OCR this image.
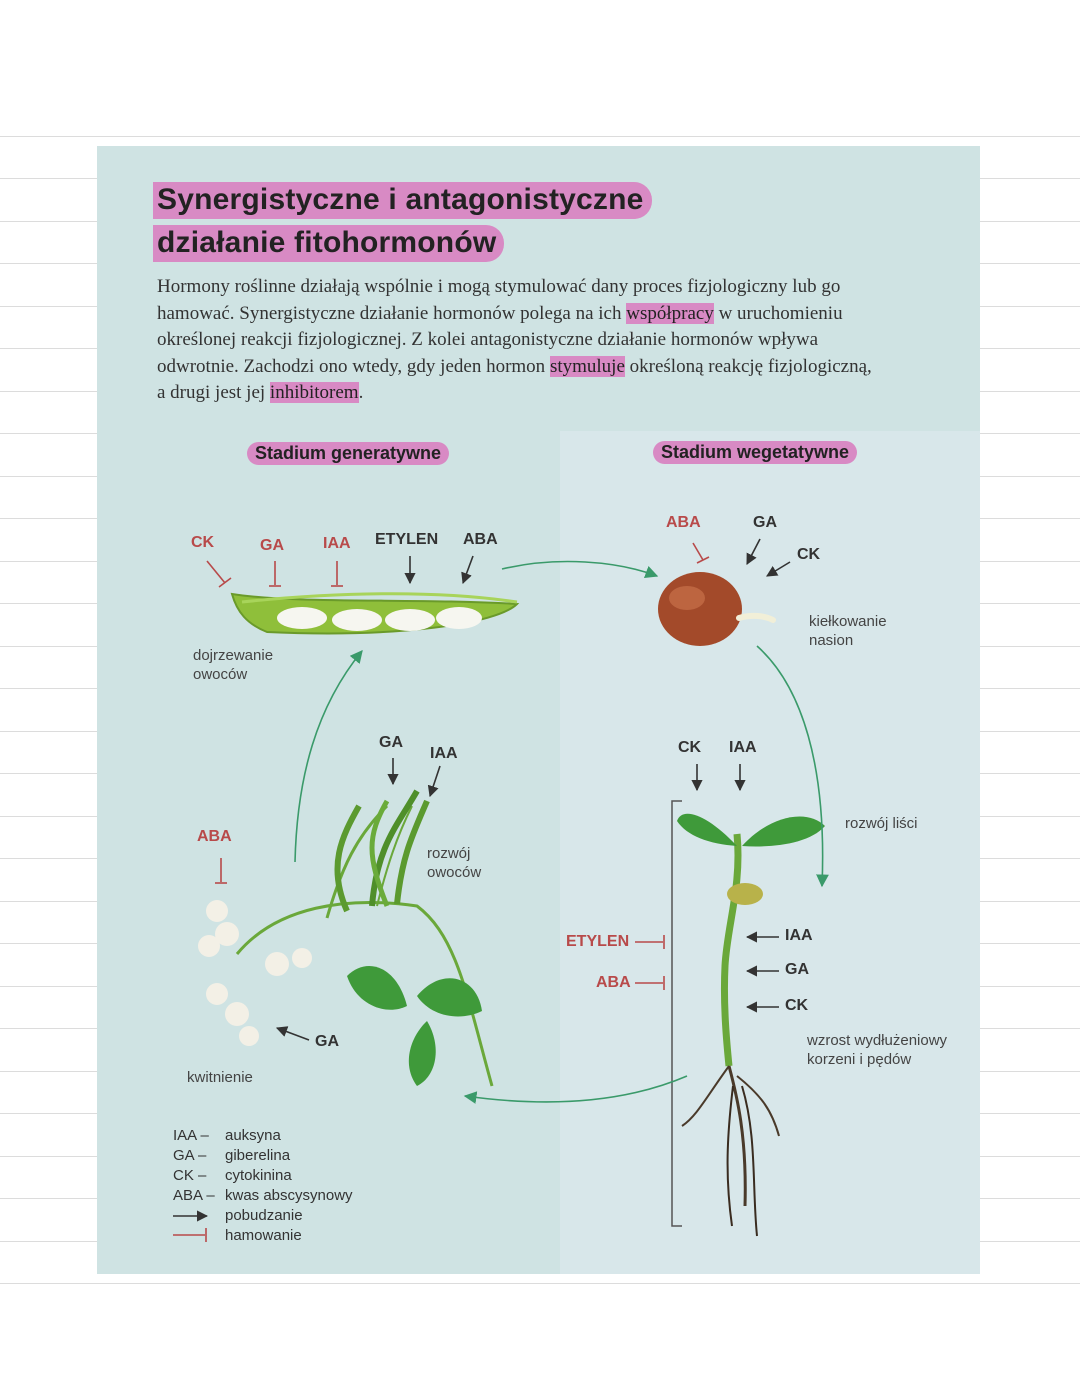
Synergistyczne i antagonistyczne
działanie fitohormonów
Hormony roślinne działają wspólnie i mogą stymulować dany proces fizjologiczny lub go hamować. Synergistyczne działanie hormonów polega na ich współpracy w uruchomieniu określonej reakcji fizjologicznej. Z kolei antagonistyczne działanie hormonów wpływa odwrotnie. Zachodzi ono wtedy, gdy jeden hormon stymuluje określoną reakcję fizjologiczną, a drugi jest jej inhibitorem.
Stadium generatywne	Stadium wegetatywne
CK	GA IAA ETYLEN ABA
ABA	GA
CK
GA
IAA
ABA
GA
CK IAA
ETYLEN
ABA
IAA
GA
CK
dojrzewanie
owoców
kiełkowanie
nasion
rozwój
owoców
rozwój liści
kwitnienie
wzrost wydłużeniowy
korzeni i pędów
IAA –	auksyna
GA –	giberelina
CK –	cytokinina
ABA – kwas abscysynowy
pobudzanie
hamowanie
